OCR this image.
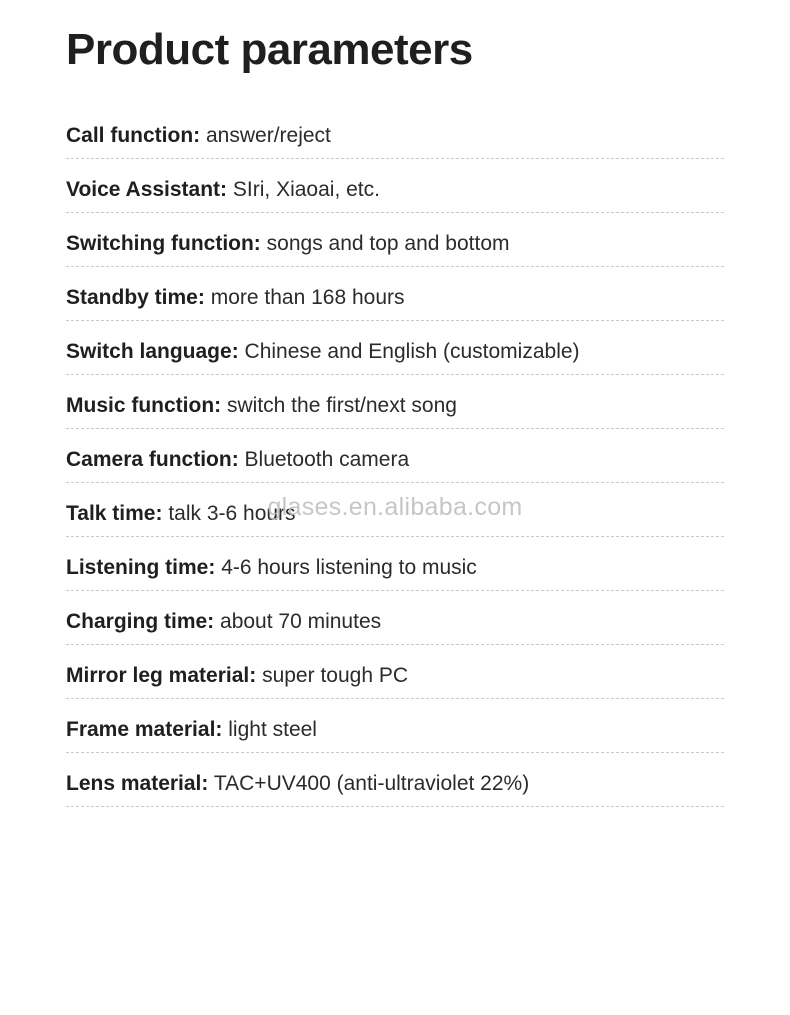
Product parameters
Call function: answer/reject
Voice Assistant: SIri, Xiaoai, etc.
Switching function: songs and top and bottom
Standby time: more than 168 hours
Switch language: Chinese and English (customizable)
Music function: switch the first/next song
Camera function: Bluetooth camera
Talk time: talk 3-6 hours
Listening time: 4-6 hours listening to music
Charging time: about 70 minutes
Mirror leg material: super tough PC
Frame material: light steel
Lens material: TAC+UV400 (anti-ultraviolet 22%)
glases.en.alibaba.com
